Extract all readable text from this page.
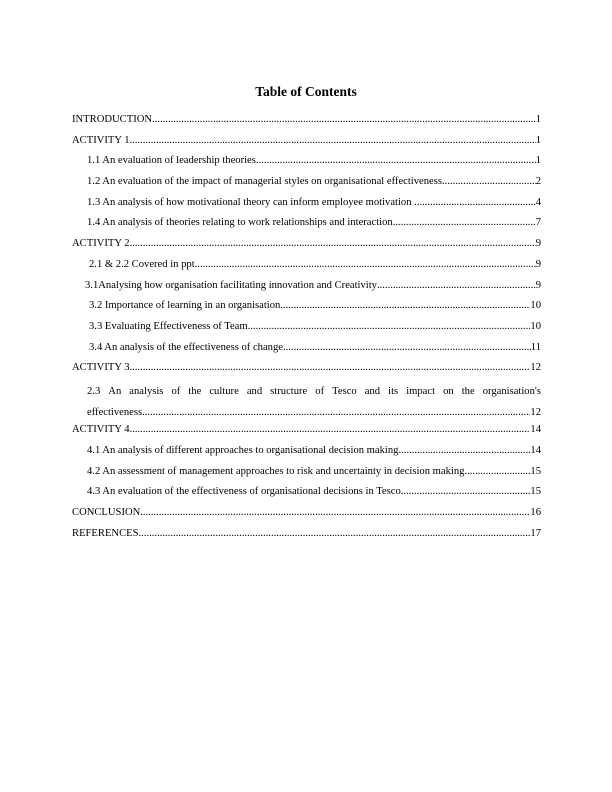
Table of Contents
INTRODUCTION .....	1
ACTIVITY 1 .....	1
1.1 An evaluation of leadership theories .....	1
1.2 An evaluation of the impact of managerial styles on organisational effectiveness .....	2
1.3 An analysis of how motivational theory can inform employee motivation .....	4
1.4 An analysis of theories relating to work relationships and interaction .....	7
ACTIVITY 2 .....	9
2.1 & 2.2 Covered in ppt .....	9
3.1Analysing how organisation facilitating innovation and Creativity .....	9
3.2 Importance of learning in an organisation .....	10
3.3 Evaluating Effectiveness of Team .....	10
3.4 An analysis of the effectiveness of change .....	11
ACTIVITY 3 .....	12
2.3 An analysis of the culture and structure of Tesco and its impact on the organisation's
effectiveness .....	12
ACTIVITY 4 .....	14
4.1 An analysis of different approaches to organisational decision making .....	14
4.2 An assessment of management approaches to risk and uncertainty in decision making .....	15
4.3 An evaluation of the effectiveness of organisational decisions in Tesco .....	15
CONCLUSION .....	16
REFERENCES .....	17
